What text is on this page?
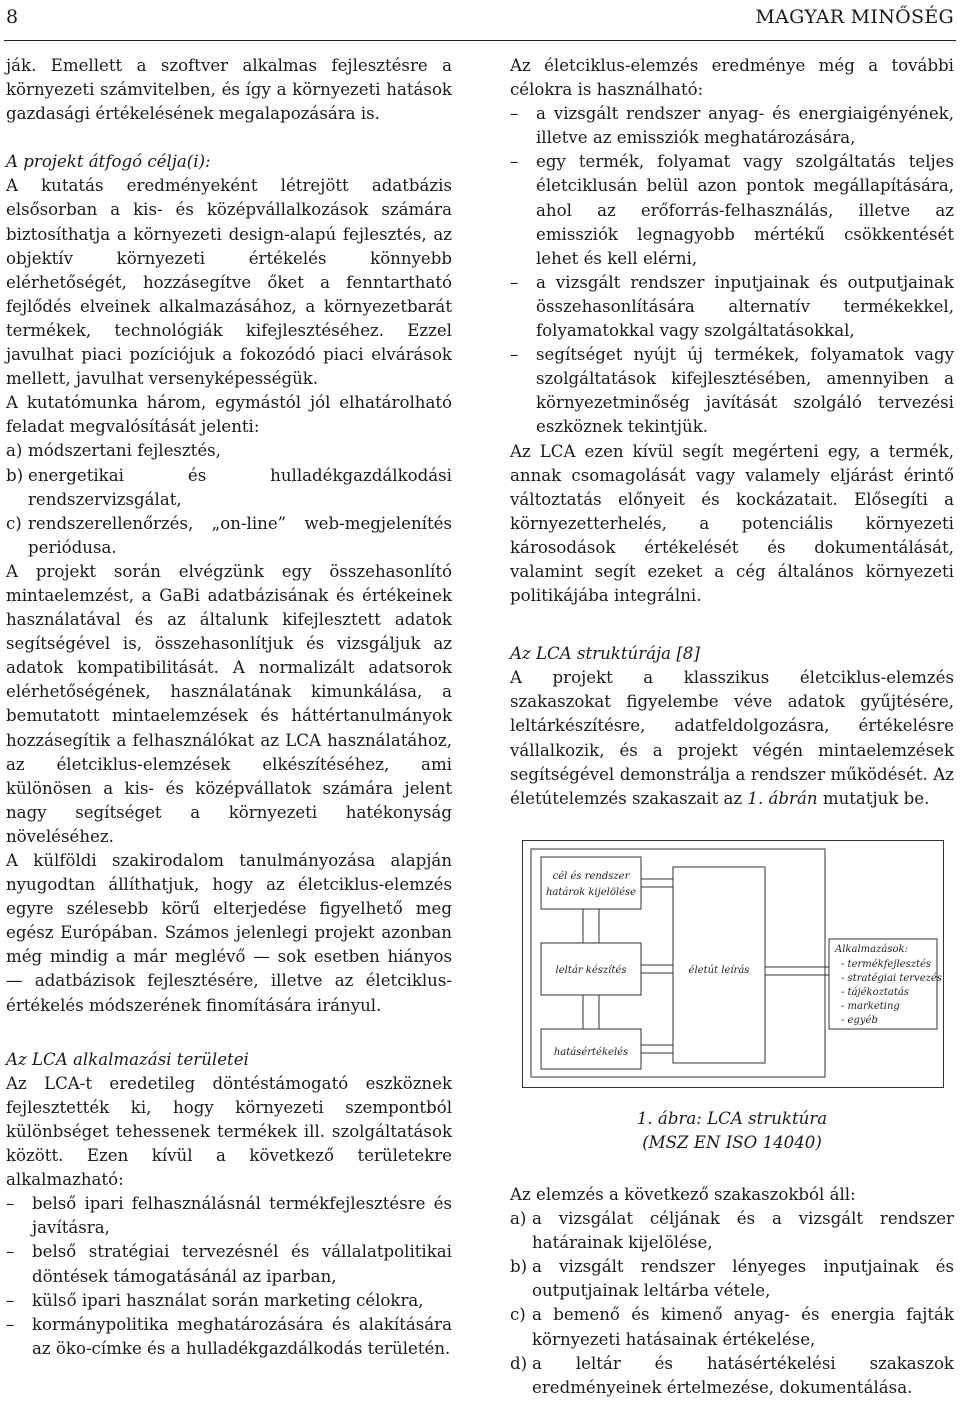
8	MAGYAR MINŐSÉG

ják. Emellett a szoftver alkalmas fejlesztésre a környezeti számvitelben, és így a környezeti hatások gazdasági értékelésének megalapozására is.

A projekt átfogó célja(i):

A kutatás eredményeként létrejött adatbázis elsősorban a kis- és középvállalkozások számára biztosíthatja a környezeti design-alapú fejlesztés, az objektív környezeti értékelés könnyebb elérhetőségét, hozzásegítve őket a fenntartható fejlődés elveinek alkalmazásához, a környezetbarát termékek, technológiák kifejlesztéséhez. Ezzel javulhat piaci pozíciójuk a fokozódó piaci elvárások mellett, javulhat versenyképességük.

A kutatómunka három, egymástól jól elhatárolható feladat megvalósítását jelenti:

a) módszertani fejlesztés,
b) energetikai és hulladékgazdálkodási rendszervizsgálat,
c) rendszerellenőrzés, „on-line” web-megjelenítés periódusa.

A projekt során elvégzünk egy összehasonlító mintaelemzést, a GaBi adatbázisának és értékeinek használatával és az általunk kifejlesztett adatok segítségével is, összehasonlítjuk és vizsgáljuk az adatok kompatibilitását. A normalizált adatsorok elérhetőségének, használatának kimunkálása, a bemutatott mintaelemzések és háttértanulmányok hozzásegítik a felhasználókat az LCA használatához, az életciklus-elemzések elkészítéséhez, ami különösen a kis- és középvállatok számára jelent nagy segítséget a környezeti hatékonyság növeléséhez.

A külföldi szakirodalom tanulmányozása alapján nyugodtan állíthatjuk, hogy az életciklus-elemzés egyre szélesebb körű elterjedése figyelhető meg egész Európában. Számos jelenlegi projekt azonban még mindig a már meglévő — sok esetben hiányos — adatbázisok fejlesztésére, illetve az életciklus-értékelés módszerének finomítására irányul.

Az LCA alkalmazási területei

Az LCA-t eredetileg döntéstámogató eszköznek fejlesztették ki, hogy környezeti szempontból különbséget tehessenek termékek ill. szolgáltatások között. Ezen kívül a következő területekre alkalmazható:

– belső ipari felhasználásnál termékfejlesztésre és javításra,
– belső stratégiai tervezésnél és vállalatpolitikai döntések támogatásánál az iparban,
– külső ipari használat során marketing célokra,
– kormánypolitika meghatározására és alakítására az öko-címke és a hulladékgazdálkodás területén.

Az életciklus-elemzés eredménye még a további célokra is használható:

– a vizsgált rendszer anyag- és energiaigényének, illetve az emissziók meghatározására,
– egy termék, folyamat vagy szolgáltatás teljes életciklusán belül azon pontok megállapítására, ahol az erőforrás-felhasználás, illetve az emissziók legnagyobb mértékű csökkentését lehet és kell elérni,
– a vizsgált rendszer inputjainak és outputjainak összehasonlítására alternatív termékekkel, folyamatokkal vagy szolgáltatásokkal,
– segítséget nyújt új termékek, folyamatok vagy szolgáltatások kifejlesztésében, amennyiben a környezetminőség javítását szolgáló tervezési eszköznek tekintjük.

Az LCA ezen kívül segít megérteni egy, a termék, annak csomagolását vagy valamely eljárást érintő változtatás előnyeit és kockázatait. Elősegíti a környezetterhelés, a potenciális környezeti károsodások értékelését és dokumentálását, valamint segít ezeket a cég általános környezeti politikájába integrálni.

Az LCA struktúrája [8]

A projekt a klasszikus életciklus-elemzés szakaszokat figyelembe véve adatok gyűjtésére, leltárkészítésre, adatfeldolgozásra, értékelésre vállalkozik, és a projekt végén mintaelemzések segítségével demonstrálja a rendszer működését. Az életútelemzés szakaszait az 1. ábrán mutatjuk be.

cél és rendszer
határok kijelölése
leltár készítés
hatásértékelés
életút leírás
Alkalmazások:
- termékfejlesztés
- stratégiai tervezés
- tájékoztatás
- marketing
- egyéb
1. ábra: LCA struktúra
(MSZ EN ISO 14040)

Az elemzés a következő szakaszokból áll:

a) a vizsgálat céljának és a vizsgált rendszer határainak kijelölése,
b) a vizsgált rendszer lényeges inputjainak és outputjainak leltárba vétele,
c) a bemenő és kimenő anyag- és energia fajták környezeti hatásainak értékelése,
d) a leltár és hatásértékelési szakaszok eredményeinek értelmezése, dokumentálása.
